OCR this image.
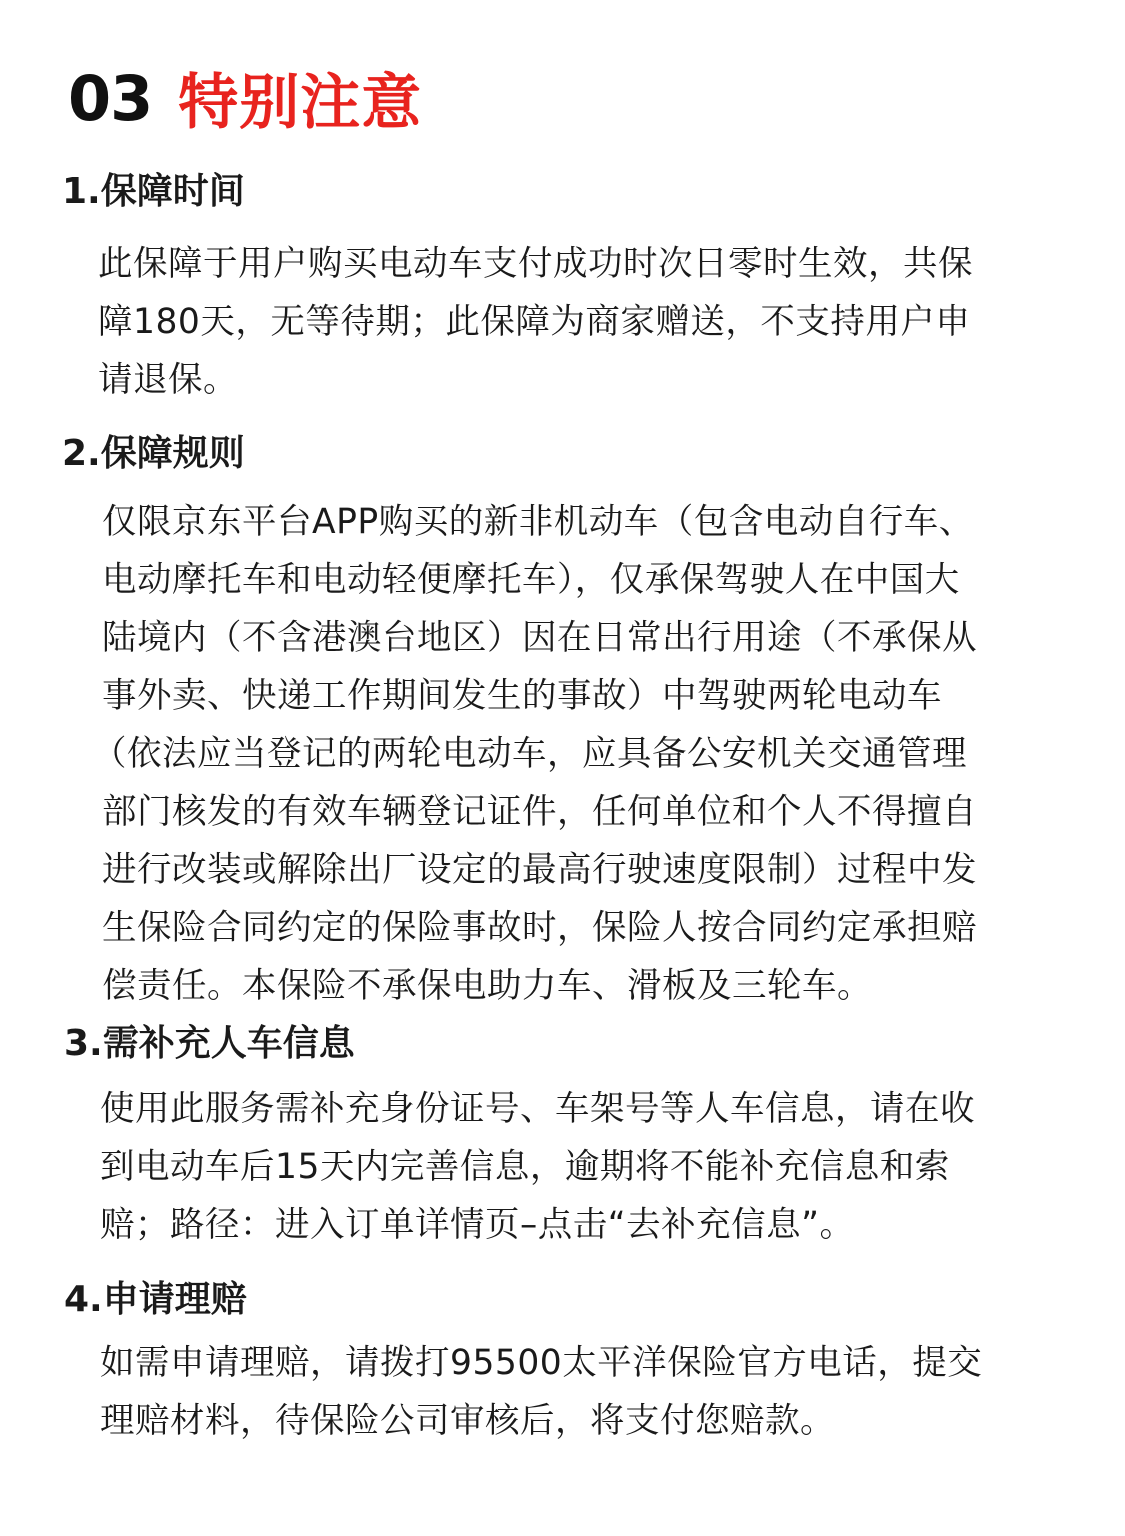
03 特别注意
1.保障时间
此保障于用户购买电动车支付成功时次日零时生效，共保
障180天，无等待期；此保障为商家赠送，不支持用户申
请退保。
2.保障规则
仅限京东平台APP购买的新非机动车（包含电动自行车、
电动摩托车和电动轻便摩托车），仅承保驾驶人在中国大
陆境内（不含港澳台地区）因在日常出行用途（不承保从
事外卖、快递工作期间发生的事故）中驾驶两轮电动车
（依法应当登记的两轮电动车，应具备公安机关交通管理
部门核发的有效车辆登记证件，任何单位和个人不得擅自
进行改装或解除出厂设定的最高行驶速度限制）过程中发
生保险合同约定的保险事故时，保险人按合同约定承担赔
偿责任。本保险不承保电助力车、滑板及三轮车。
3.需补充人车信息
使用此服务需补充身份证号、车架号等人车信息，请在收
到电动车后15天内完善信息，逾期将不能补充信息和索
赔；路径：进入订单详情页–点击“去补充信息”。
4.申请理赔
如需申请理赔，请拨打95500太平洋保险官方电话，提交
理赔材料，待保险公司审核后，将支付您赔款。
